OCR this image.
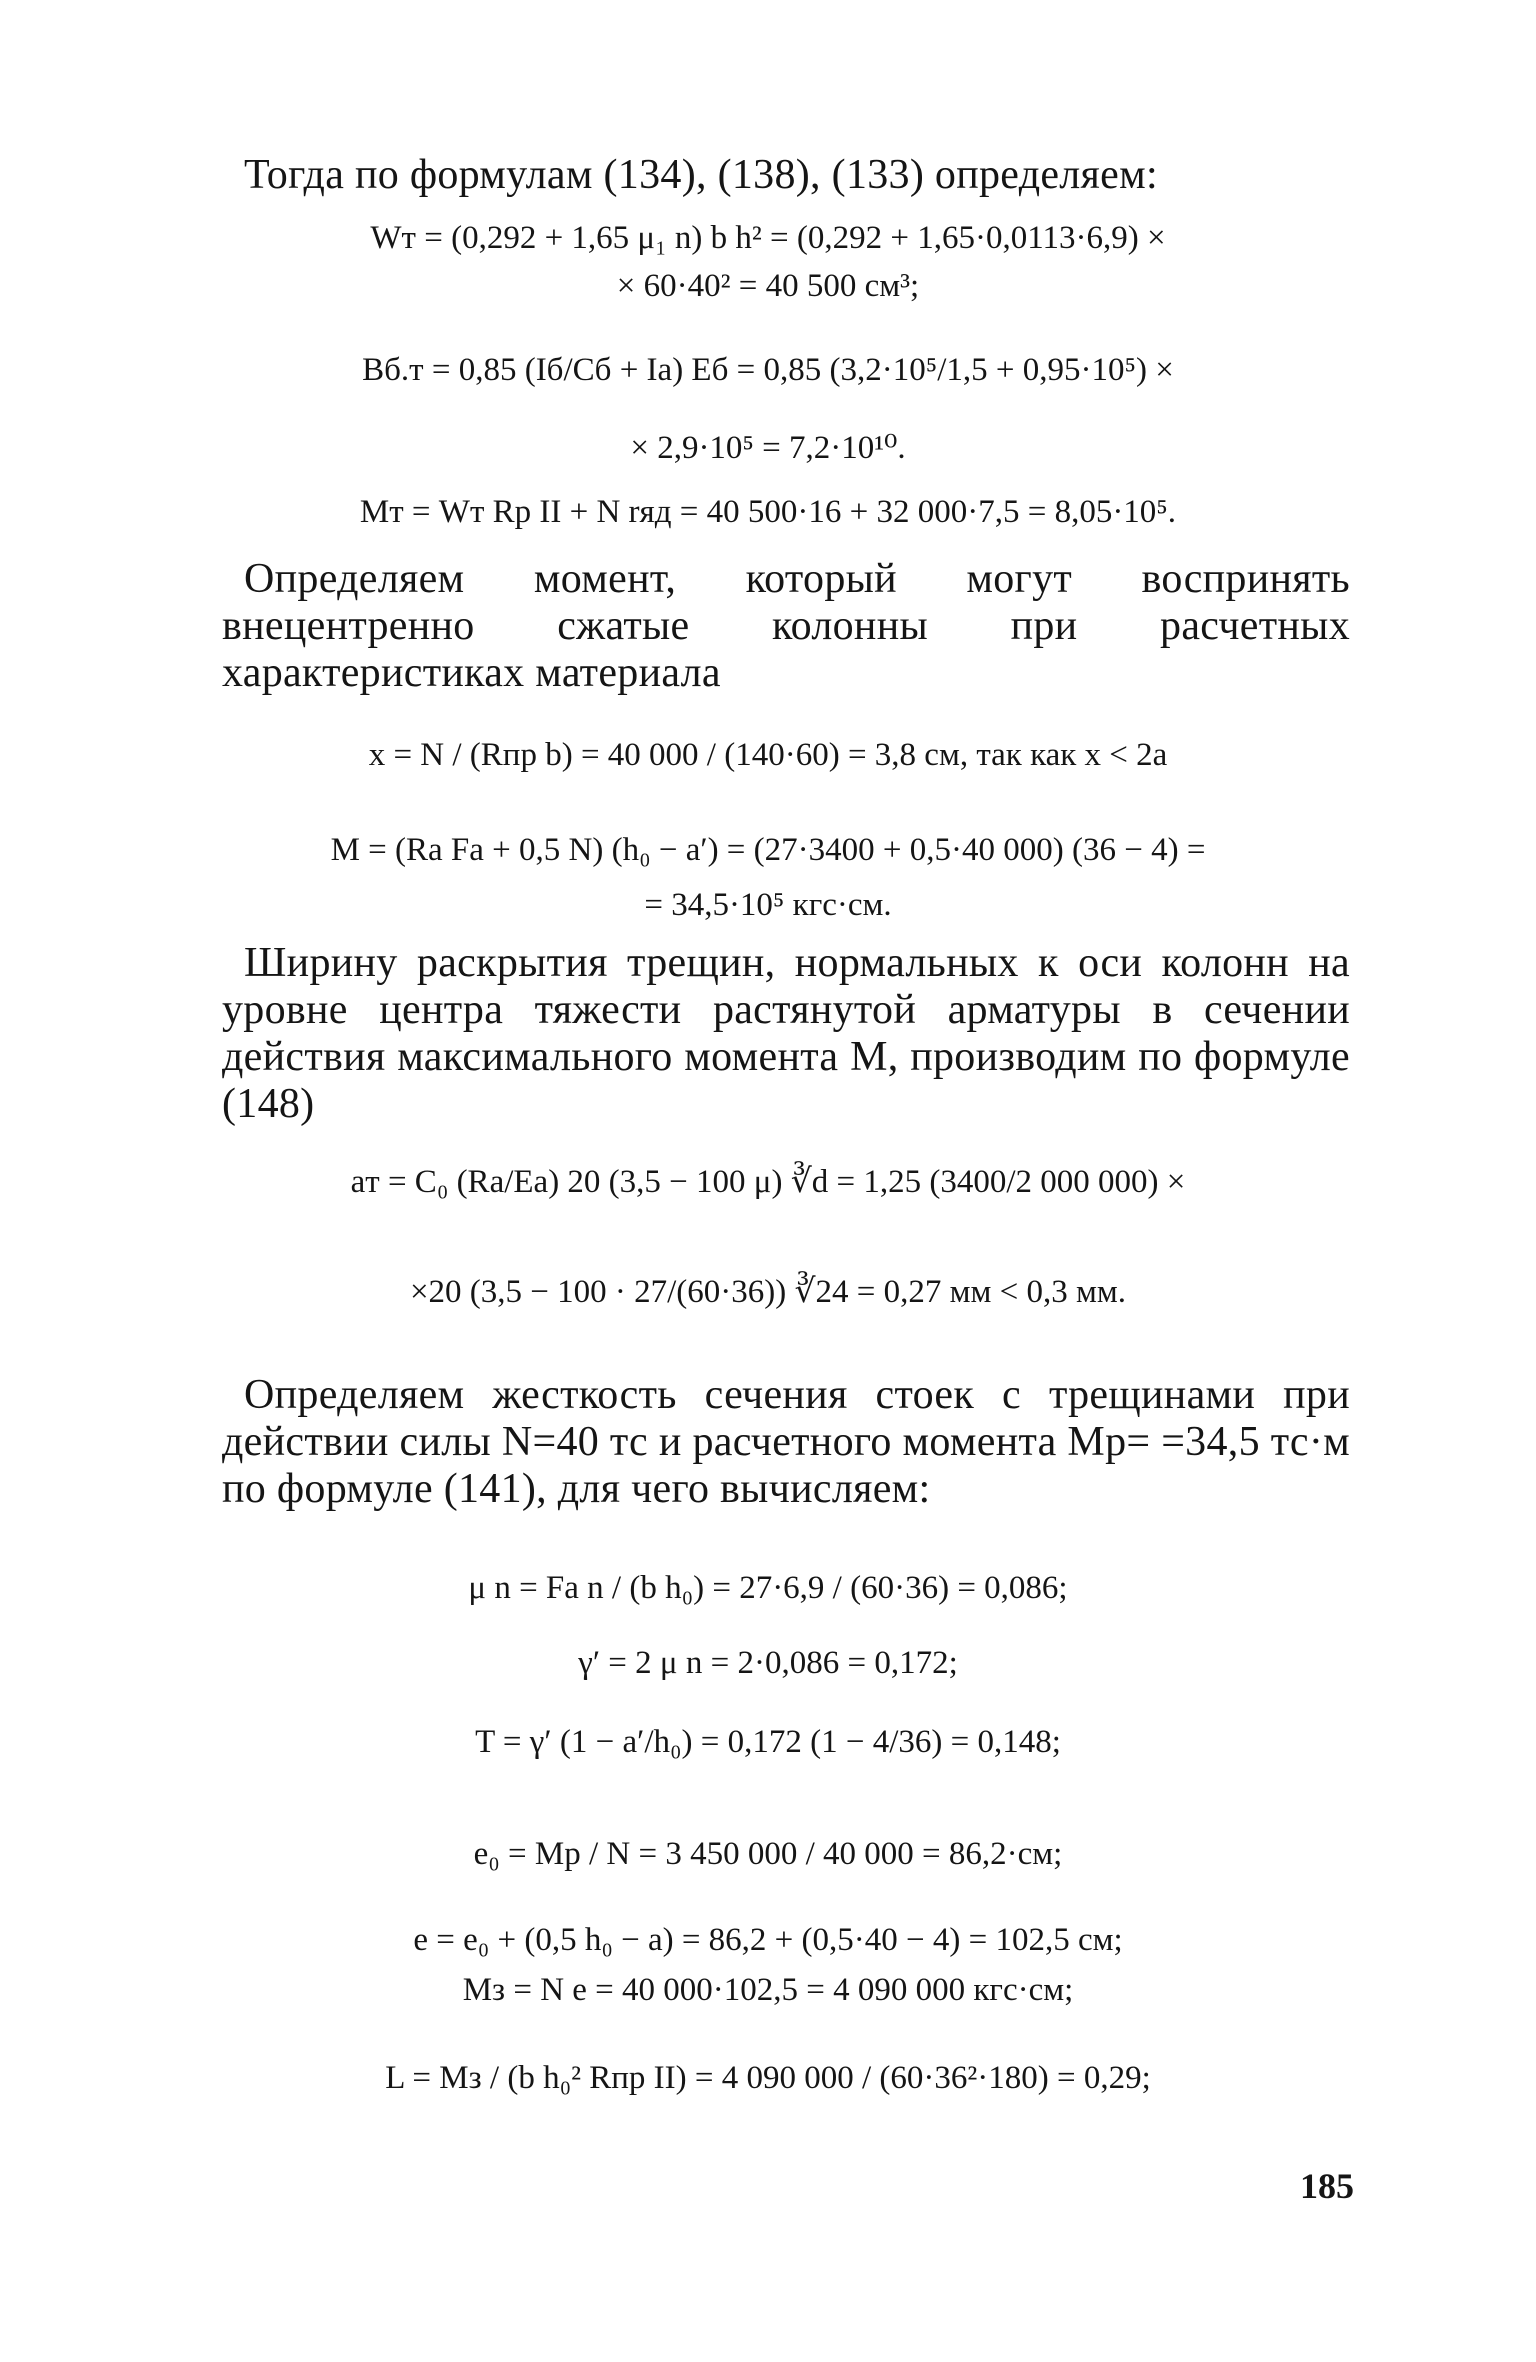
Тогда по формулам (134), (138), (133) определяем:
Wт = (0,292 + 1,65 μ₁ n) b h² = (0,292 + 1,65·0,0113·6,9) ×
× 60·40² = 40 500 см³;
Bб.т = 0,85 (Iб/Cб + Iа) Eб = 0,85 (3,2·10⁵/1,5 + 0,95·10⁵) ×
× 2,9·10⁵ = 7,2·10¹⁰.
Mт = Wт Rр II + N rяд = 40 500·16 + 32 000·7,5 = 8,05·10⁵.
Определяем момент, который могут воспринять внецентренно сжатые колонны при расчетных характеристиках материала
x = N / (Rпр b) = 40 000 / (140·60) = 3,8 см, так как x < 2a
M = (Rа Fа + 0,5 N) (h₀ − a′) = (27·3400 + 0,5·40 000) (36 − 4) =
= 34,5·10⁵ кгс·см.
Ширину раскрытия трещин, нормальных к оси колонн на уровне центра тяжести растянутой арматуры в сечении действия максимального момента М, производим по формуле (148)
aт = C₀ (Rа/Eа) 20 (3,5 − 100 μ) ∛d = 1,25 (3400/2 000 000) ×
×20 (3,5 − 100 · 27/(60·36)) ∛24 = 0,27 мм < 0,3 мм.
Определяем жесткость сечения стоек с трещинами при действии силы N=40 тс и расчетного момента Mр= =34,5 тс·м по формуле (141), для чего вычисляем:
μ n = Fа n / (b h₀) = 27·6,9 / (60·36) = 0,086;
γ′ = 2 μ n = 2·0,086 = 0,172;
T = γ′ (1 − a′/h₀) = 0,172 (1 − 4/36) = 0,148;
e₀ = Mр / N = 3 450 000 / 40 000 = 86,2·см;
e = e₀ + (0,5 h₀ − a) = 86,2 + (0,5·40 − 4) = 102,5 см;
Mз = N e = 40 000·102,5 = 4 090 000 кгс·см;
L = Mз / (b h₀² Rпр II) = 4 090 000 / (60·36²·180) = 0,29;
185
